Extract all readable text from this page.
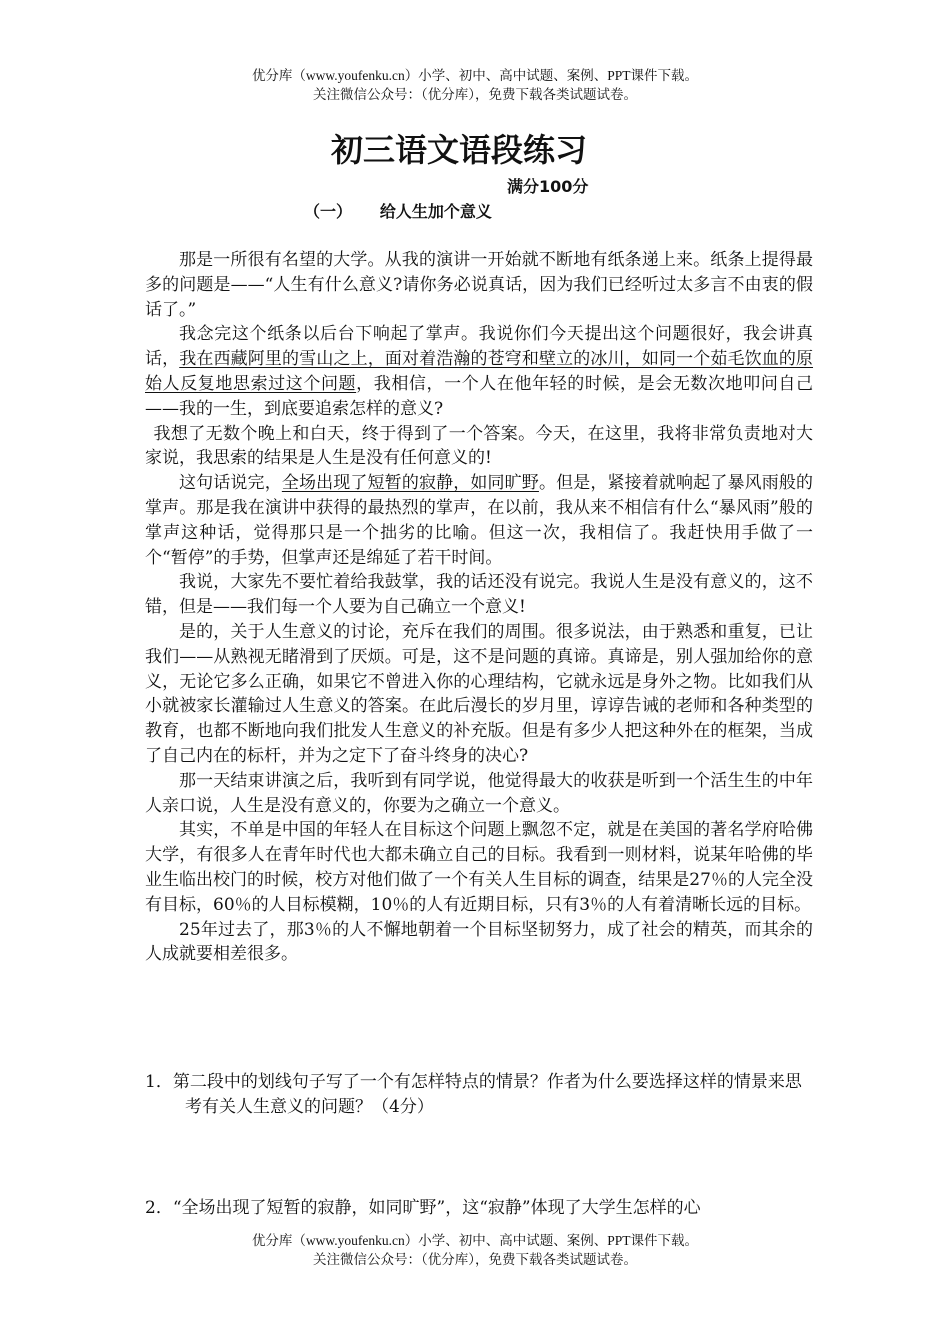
优分库（www.youfenku.cn）小学、初中、高中试题、案例、PPT课件下载。
关注微信公众号：（优分库），免费下载各类试题试卷。
初三语文语段练习
满分100分
（一） 给人生加个意义

那是一所很有名望的大学。从我的演讲一开始就不断地有纸条递上来。纸条上提得最多的问题是——“人生有什么意义?请你务必说真话，因为我们已经听过太多言不由衷的假话了。”

我念完这个纸条以后台下响起了掌声。我说你们今天提出这个问题很好，我会讲真话，我在西藏阿里的雪山之上，面对着浩瀚的苍穹和壁立的冰川，如同一个茹毛饮血的原始人反复地思索过这个问题，我相信，一个人在他年轻的时候，是会无数次地叩问自己——我的一生，到底要追索怎样的意义?

我想了无数个晚上和白天，终于得到了一个答案。今天，在这里，我将非常负责地对大家说，我思索的结果是人生是没有任何意义的!

这句话说完，全场出现了短暂的寂静，如同旷野。但是，紧接着就响起了暴风雨般的掌声。那是我在演讲中获得的最热烈的掌声，在以前，我从来不相信有什么“暴风雨”般的掌声这种话，觉得那只是一个拙劣的比喻。但这一次，我相信了。我赶快用手做了一个“暂停”的手势，但掌声还是绵延了若干时间。

我说，大家先不要忙着给我鼓掌，我的话还没有说完。我说人生是没有意义的，这不错，但是——我们每一个人要为自己确立一个意义!

是的，关于人生意义的讨论，充斥在我们的周围。很多说法，由于熟悉和重复，已让我们——从熟视无睹滑到了厌烦。可是，这不是问题的真谛。真谛是，别人强加给你的意义，无论它多么正确，如果它不曾进入你的心理结构，它就永远是身外之物。比如我们从小就被家长灌输过人生意义的答案。在此后漫长的岁月里，谆谆告诫的老师和各种类型的教育，也都不断地向我们批发人生意义的补充版。但是有多少人把这种外在的框架，当成了自己内在的标杆，并为之定下了奋斗终身的决心?

那一天结束讲演之后，我听到有同学说，他觉得最大的收获是听到一个活生生的中年人亲口说，人生是没有意义的，你要为之确立一个意义。

其实，不单是中国的年轻人在目标这个问题上飘忽不定，就是在美国的著名学府哈佛大学，有很多人在青年时代也大都未确立自己的目标。我看到一则材料，说某年哈佛的毕业生临出校门的时候，校方对他们做了一个有关人生目标的调查，结果是27％的人完全没有目标，60％的人目标模糊，10％的人有近期目标，只有3％的人有着清晰长远的目标。

25年过去了，那3％的人不懈地朝着一个目标坚韧努力，成了社会的精英，而其余的人成就要相差很多。

1．第二段中的划线句子写了一个有怎样特点的情景？作者为什么要选择这样的情景来思考有关人生意义的问题？（4分）

2．“全场出现了短暂的寂静，如同旷野”，这“寂静”体现了大学生怎样的心

优分库（www.youfenku.cn）小学、初中、高中试题、案例、PPT课件下载。
关注微信公众号：（优分库），免费下载各类试题试卷。
